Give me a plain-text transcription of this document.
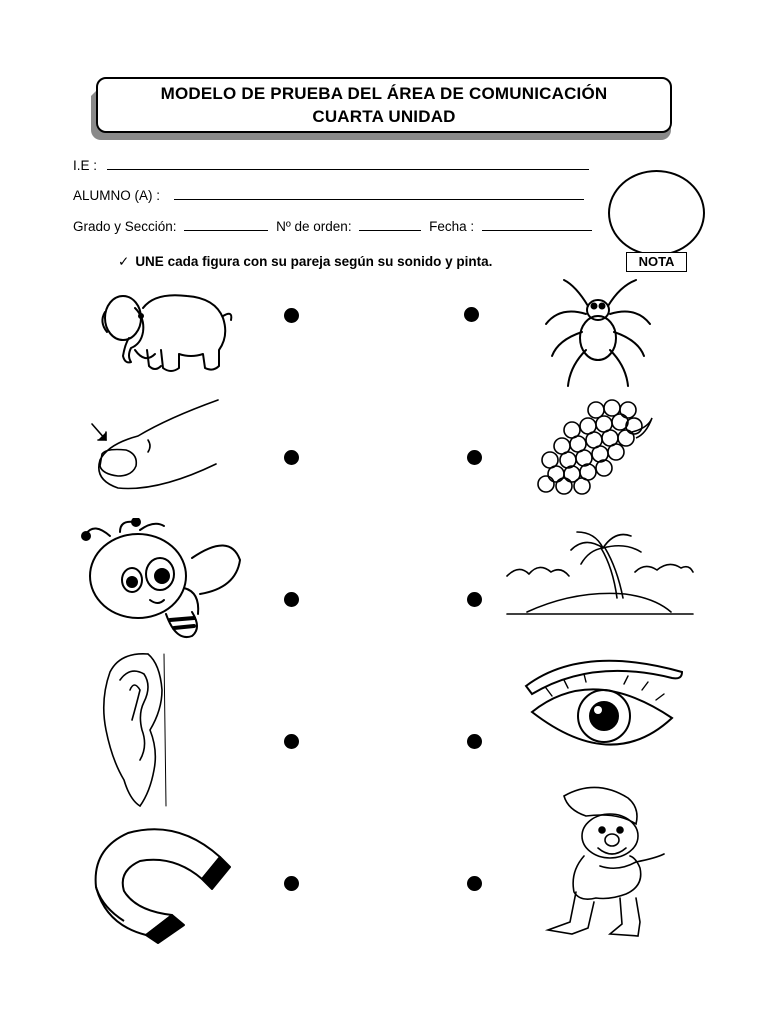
MODELO DE PRUEBA DEL ÁREA DE COMUNICACIÓN
CUARTA UNIDAD
I.E :
ALUMNO (A) :
Grado y Sección:	Nº de orden:	Fecha :
NOTA
✓ UNE cada figura con su pareja según su sonido y pinta.
